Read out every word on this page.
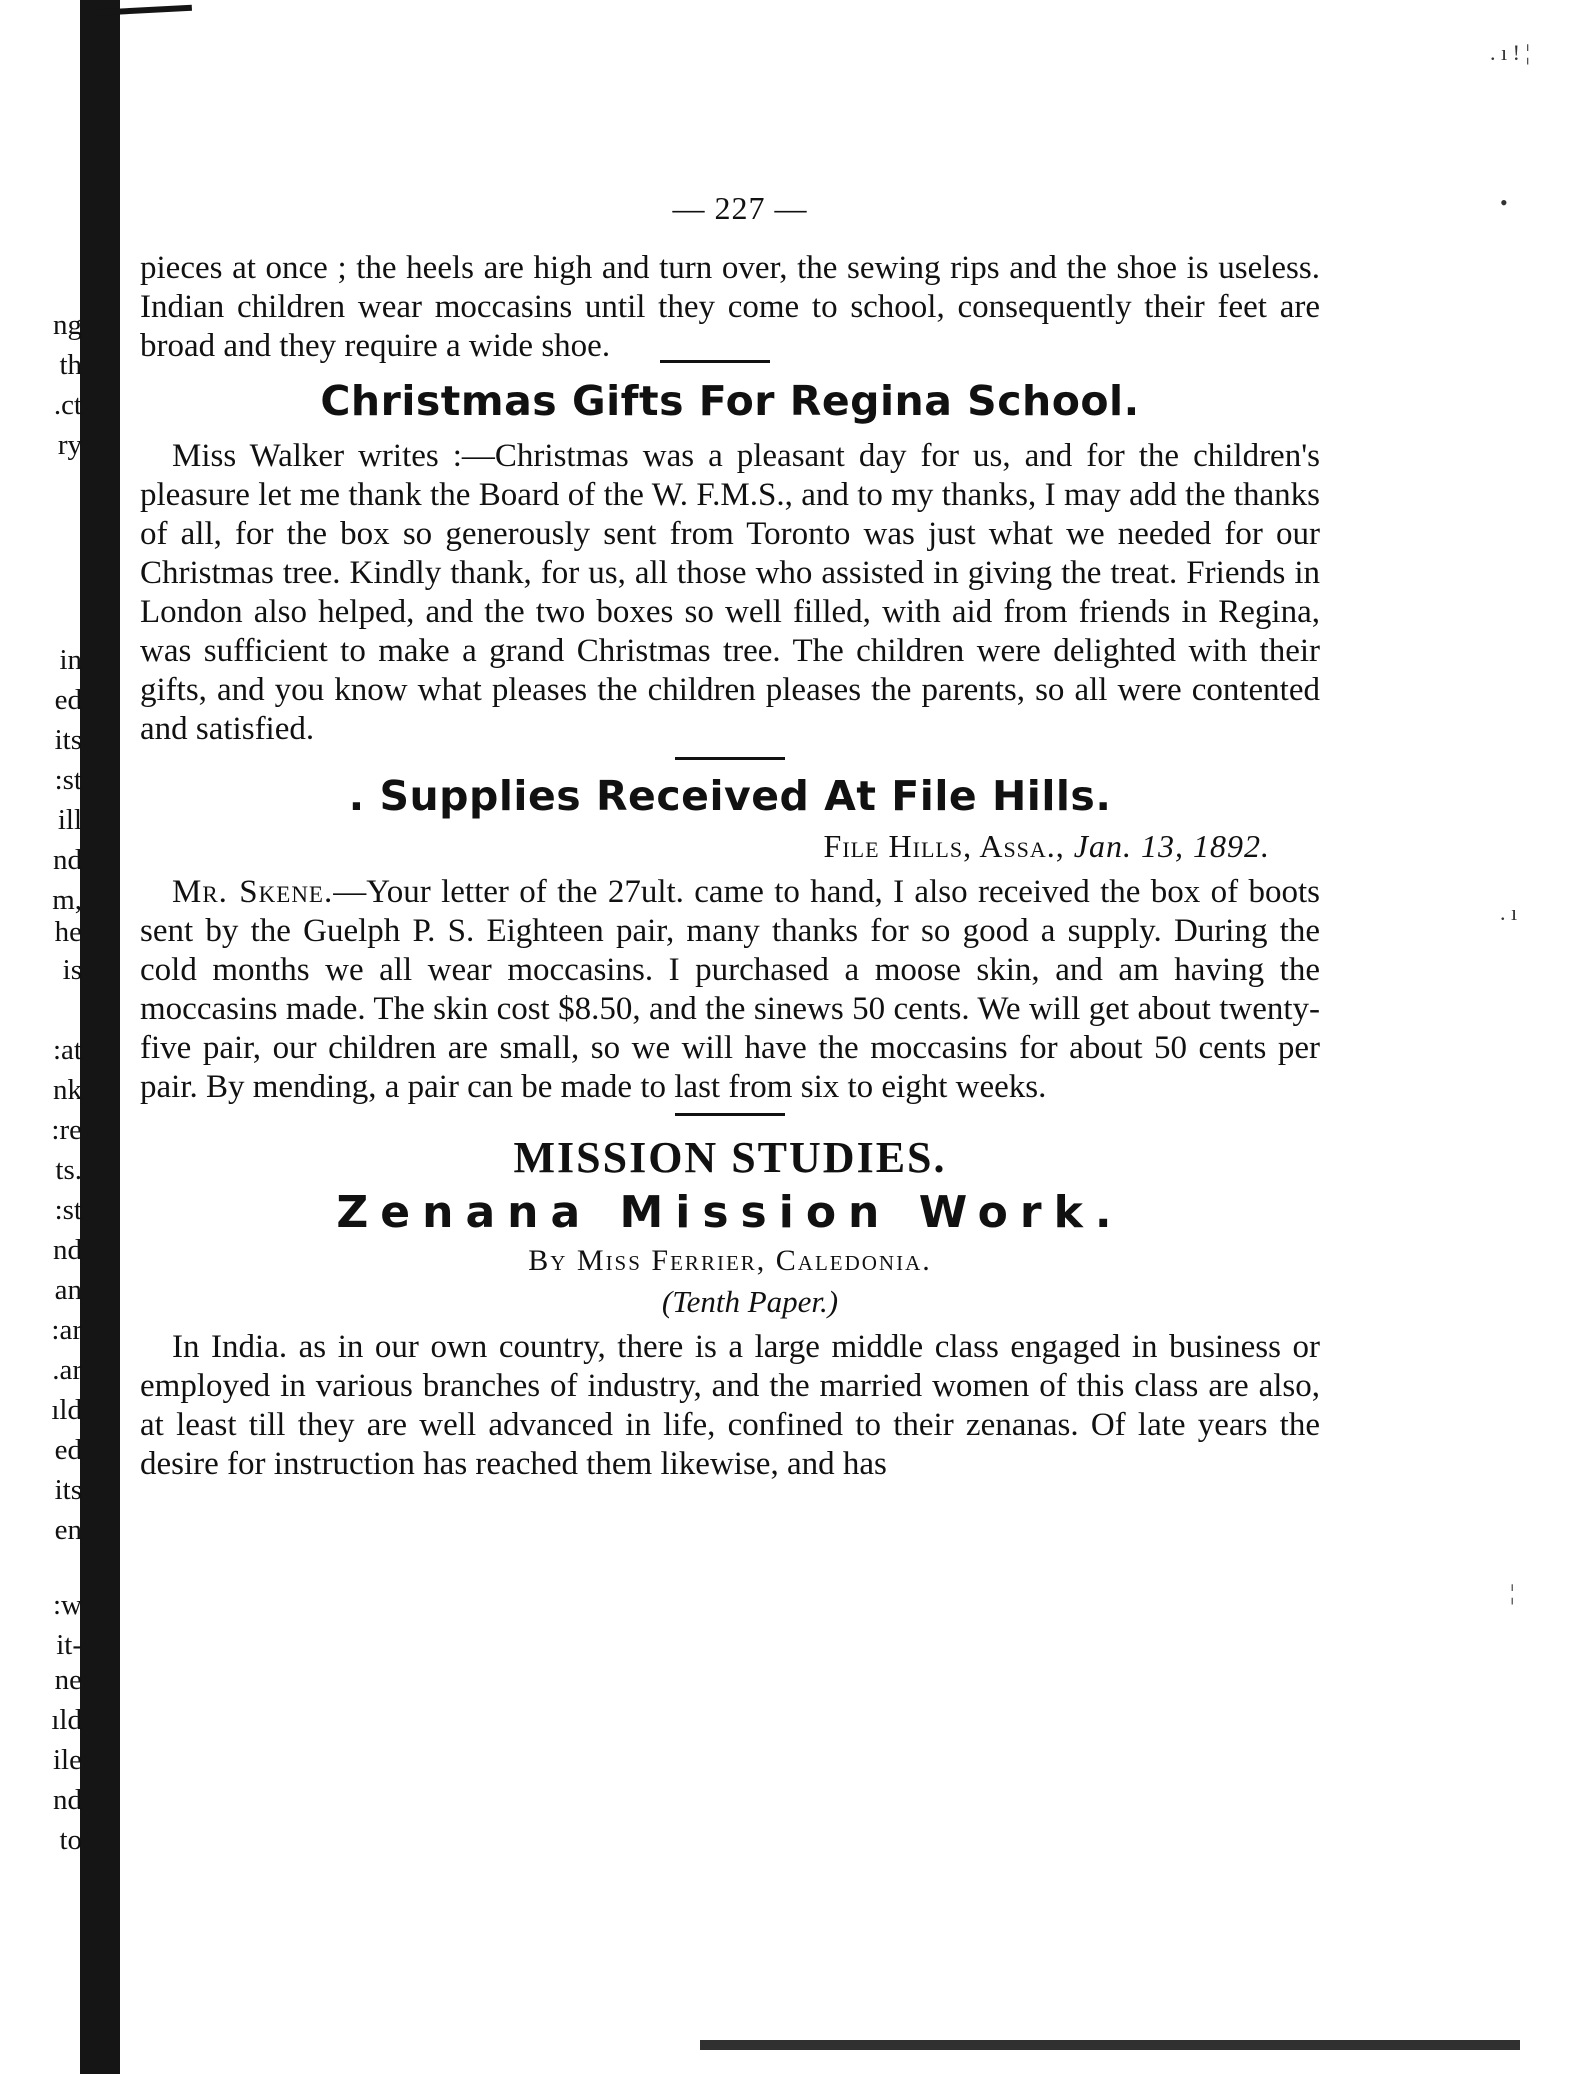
ng
th
.ct
ry
in
ed
its
:st
ill
nd
m,
he
is
:at
nk
:re
ts.
:st
nd
an
:ar
.ar
ıld
ed
its
en
:w
it-
ne
ıld
ile
nd
to
. ı ! ¦
•
. ı
¦
— 227 —

pieces at once ; the heels are high and turn over, the sewing rips and the shoe is useless. Indian children wear moccasins until they come to school, consequently their feet are broad and they require a wide shoe.

Christmas Gifts For Regina School.

Miss Walker writes :—Christmas was a pleasant day for us, and for the children's pleasure let me thank the Board of the W. F.M.S., and to my thanks, I may add the thanks of all, for the box so generously sent from Toronto was just what we needed for our Christmas tree. Kindly thank, for us, all those who assisted in giving the treat. Friends in London also helped, and the two boxes so well filled, with aid from friends in Regina, was sufficient to make a grand Christmas tree. The children were delighted with their gifts, and you know what pleases the children pleases the parents, so all were contented and satisfied.

. Supplies Received At File Hills.

File Hills, Assa., Jan. 13, 1892.

Mr. Skene.—Your letter of the 27ult. came to hand, I also received the box of boots sent by the Guelph P. S. Eighteen pair, many thanks for so good a supply. During the cold months we all wear moccasins. I purchased a moose skin, and am having the moccasins made. The skin cost $8.50, and the sinews 50 cents. We will get about twenty-five pair, our children are small, so we will have the moccasins for about 50 cents per pair. By mending, a pair can be made to last from six to eight weeks.

MISSION STUDIES.
Zenana Mission Work.

By Miss Ferrier, Caledonia.

(Tenth Paper.)

In India. as in our own country, there is a large middle class engaged in business or employed in various branches of industry, and the married women of this class are also, at least till they are well advanced in life, confined to their zenanas. Of late years the desire for instruction has reached them likewise, and has
